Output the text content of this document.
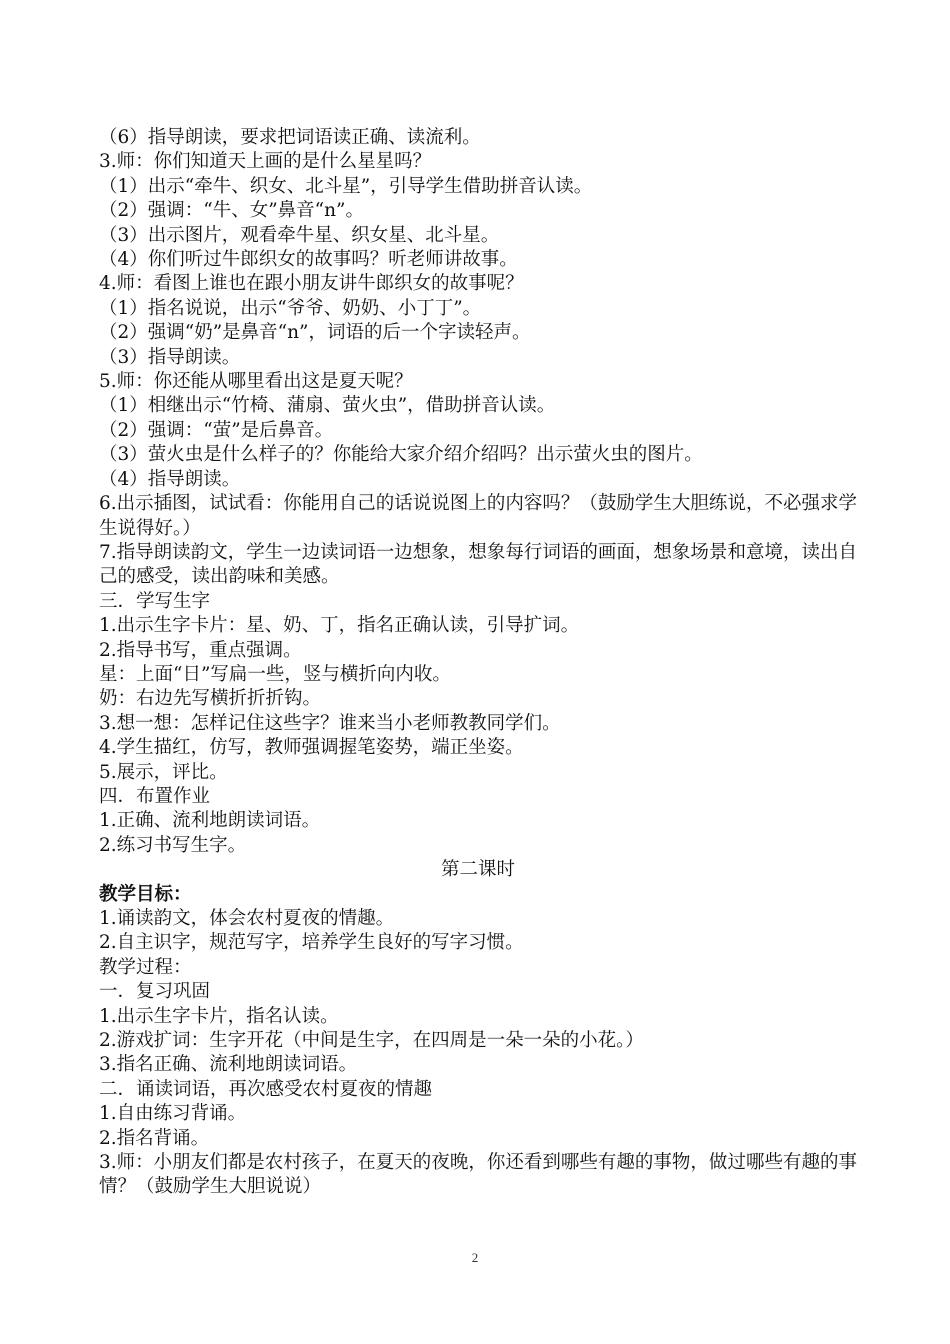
（6）指导朗读，要求把词语读正确、读流利。
3.师：你们知道天上画的是什么星星吗？
（1）出示“牵牛、织女、北斗星”，引导学生借助拼音认读。
（2）强调：“牛、女”鼻音“n”。
（3）出示图片，观看牵牛星、织女星、北斗星。
（4）你们听过牛郎织女的故事吗？听老师讲故事。
4.师：看图上谁也在跟小朋友讲牛郎织女的故事呢？
（1）指名说说，出示“爷爷、奶奶、小丁丁”。
（2）强调“奶”是鼻音“n”，词语的后一个字读轻声。
（3）指导朗读。
5.师：你还能从哪里看出这是夏天呢？
（1）相继出示“竹椅、蒲扇、萤火虫”，借助拼音认读。
（2）强调：“萤”是后鼻音。
（3）萤火虫是什么样子的？你能给大家介绍介绍吗？出示萤火虫的图片。
（4）指导朗读。
6.出示插图，试试看：你能用自己的话说说图上的内容吗？（鼓励学生大胆练说，不必强求学生说得好。）
7.指导朗读韵文，学生一边读词语一边想象，想象每行词语的画面，想象场景和意境，读出自己的感受，读出韵味和美感。
三．学写生字
1.出示生字卡片：星、奶、丁，指名正确认读，引导扩词。
2.指导书写，重点强调。
星：上面“日”写扁一些，竖与横折向内收。
奶：右边先写横折折折钩。
3.想一想：怎样记住这些字？谁来当小老师教教同学们。
4.学生描红，仿写，教师强调握笔姿势，端正坐姿。
5.展示，评比。
四．布置作业
1.正确、流利地朗读词语。
2.练习书写生字。
第二课时
教学目标：
1.诵读韵文，体会农村夏夜的情趣。
2.自主识字，规范写字，培养学生良好的写字习惯。
教学过程：
一．复习巩固
1.出示生字卡片，指名认读。
2.游戏扩词：生字开花（中间是生字，在四周是一朵一朵的小花。）
3.指名正确、流利地朗读词语。
二．诵读词语，再次感受农村夏夜的情趣
1.自由练习背诵。
2.指名背诵。
3.师：小朋友们都是农村孩子，在夏天的夜晚，你还看到哪些有趣的事物，做过哪些有趣的事情？（鼓励学生大胆说说）
2
